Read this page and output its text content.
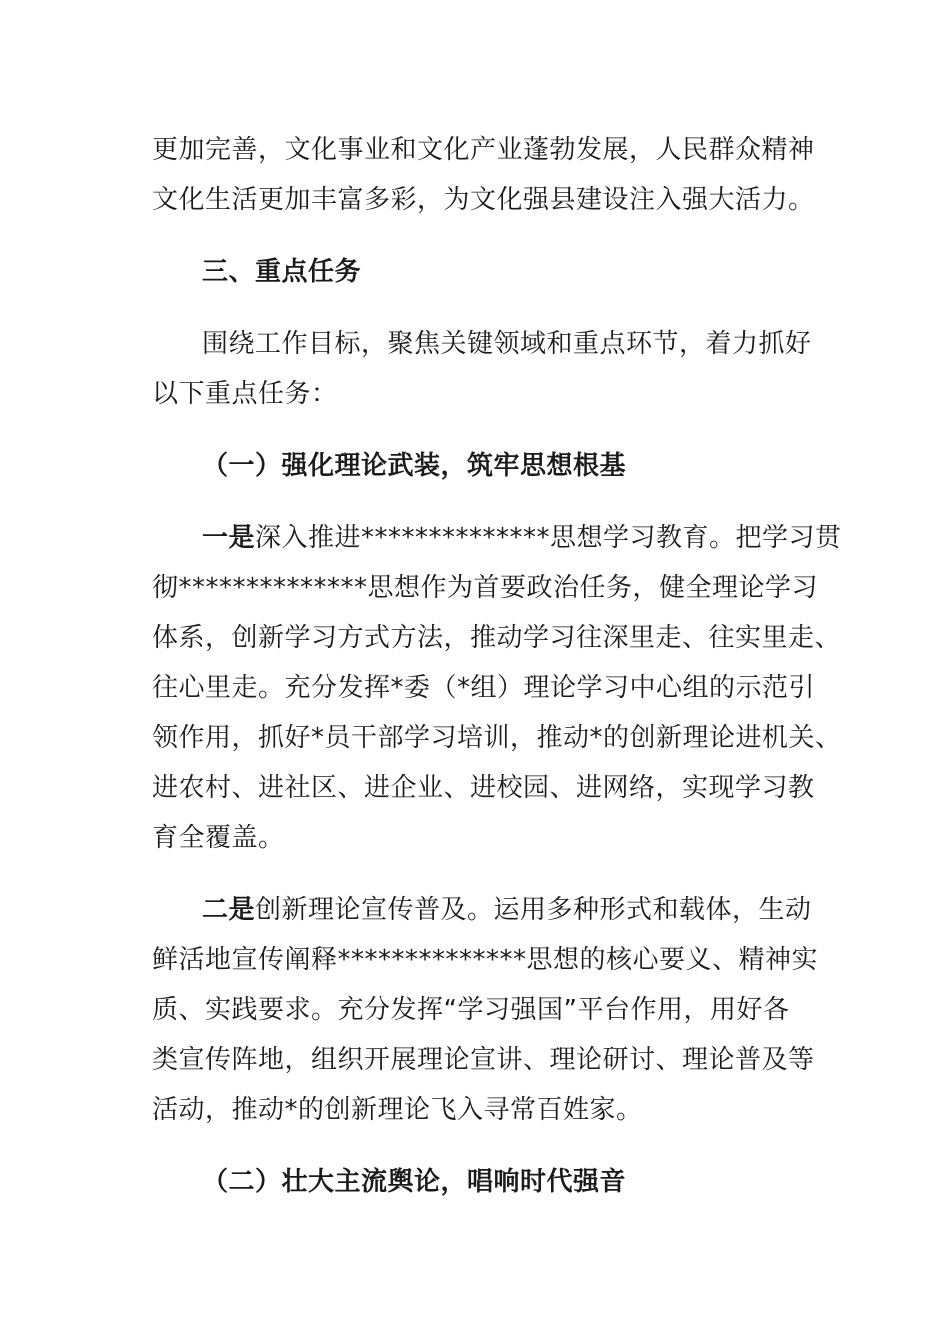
更加完善，文化事业和文化产业蓬勃发展，人民群众精神
文化生活更加丰富多彩，为文化强县建设注入强大活力。
三、重点任务
围绕工作目标，聚焦关键领域和重点环节，着力抓好
以下重点任务：
（一）强化理论武装，筑牢思想根基
一是深入推进**************思想学习教育。把学习贯
彻**************思想作为首要政治任务，健全理论学习
体系，创新学习方式方法，推动学习往深里走、往实里走、
往心里走。充分发挥*委（*组）理论学习中心组的示范引
领作用，抓好*员干部学习培训，推动*的创新理论进机关、
进农村、进社区、进企业、进校园、进网络，实现学习教
育全覆盖。
二是创新理论宣传普及。运用多种形式和载体，生动
鲜活地宣传阐释**************思想的核心要义、精神实
质、实践要求。充分发挥“学习强国”平台作用，用好各
类宣传阵地，组织开展理论宣讲、理论研讨、理论普及等
活动，推动*的创新理论飞入寻常百姓家。
（二）壮大主流舆论，唱响时代强音
